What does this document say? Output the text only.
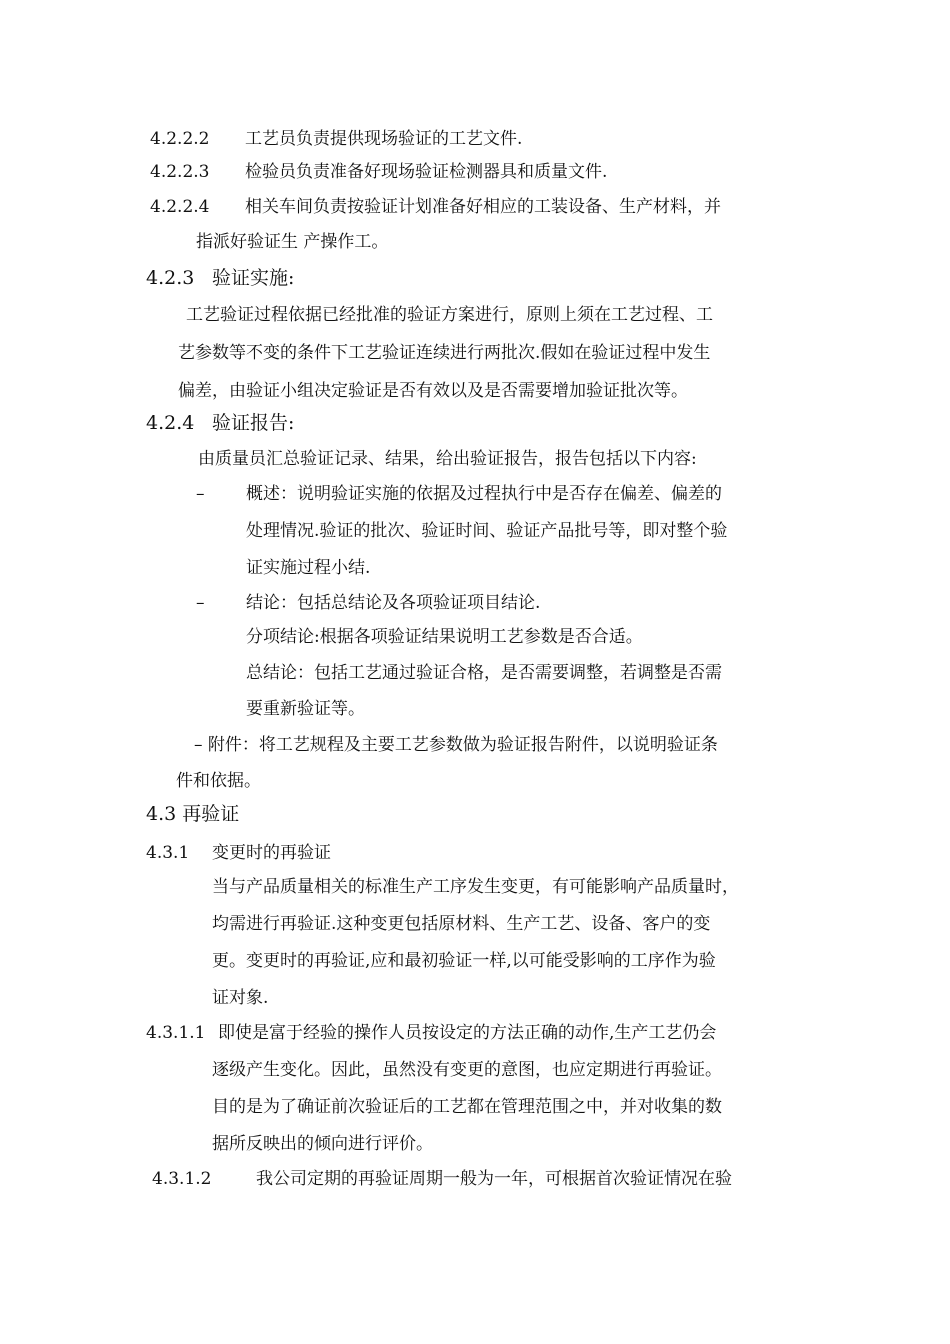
4.2.2.2 工艺员负责提供现场验证的工艺文件.
4.2.2.3 检验员负责准备好现场验证检测器具和质量文件.
4.2.2.4 相关车间负责按验证计划准备好相应的工装设备、生产材料，并
指派好验证生 产操作工。
4.2.3 验证实施:
工艺验证过程依据已经批准的验证方案进行，原则上须在工艺过程、工
艺参数等不变的条件下工艺验证连续进行两批次.假如在验证过程中发生
偏差，由验证小组决定验证是否有效以及是否需要增加验证批次等。
4.2.4 验证报告:
由质量员汇总验证记录、结果，给出验证报告，报告包括以下内容:
– 概述：说明验证实施的依据及过程执行中是否存在偏差、偏差的
处理情况.验证的批次、验证时间、验证产品批号等，即对整个验
证实施过程小结.
– 结论：包括总结论及各项验证项目结论.
分项结论:根据各项验证结果说明工艺参数是否合适。
总结论：包括工艺通过验证合格，是否需要调整，若调整是否需
要重新验证等。
– 附件：将工艺规程及主要工艺参数做为验证报告附件，以说明验证条
件和依据。
4.3 再验证
4.3.1 变更时的再验证
当与产品质量相关的标准生产工序发生变更，有可能影响产品质量时，
均需进行再验证.这种变更包括原材料、生产工艺、设备、客户的变
更。变更时的再验证,应和最初验证一样,以可能受影响的工序作为验
证对象.
4.3.1.1 即使是富于经验的操作人员按设定的方法正确的动作,生产工艺仍会
逐级产生变化。因此，虽然没有变更的意图，也应定期进行再验证。
目的是为了确证前次验证后的工艺都在管理范围之中，并对收集的数
据所反映出的倾向进行评价。
4.3.1.2	我公司定期的再验证周期一般为一年，可根据首次验证情况在验
